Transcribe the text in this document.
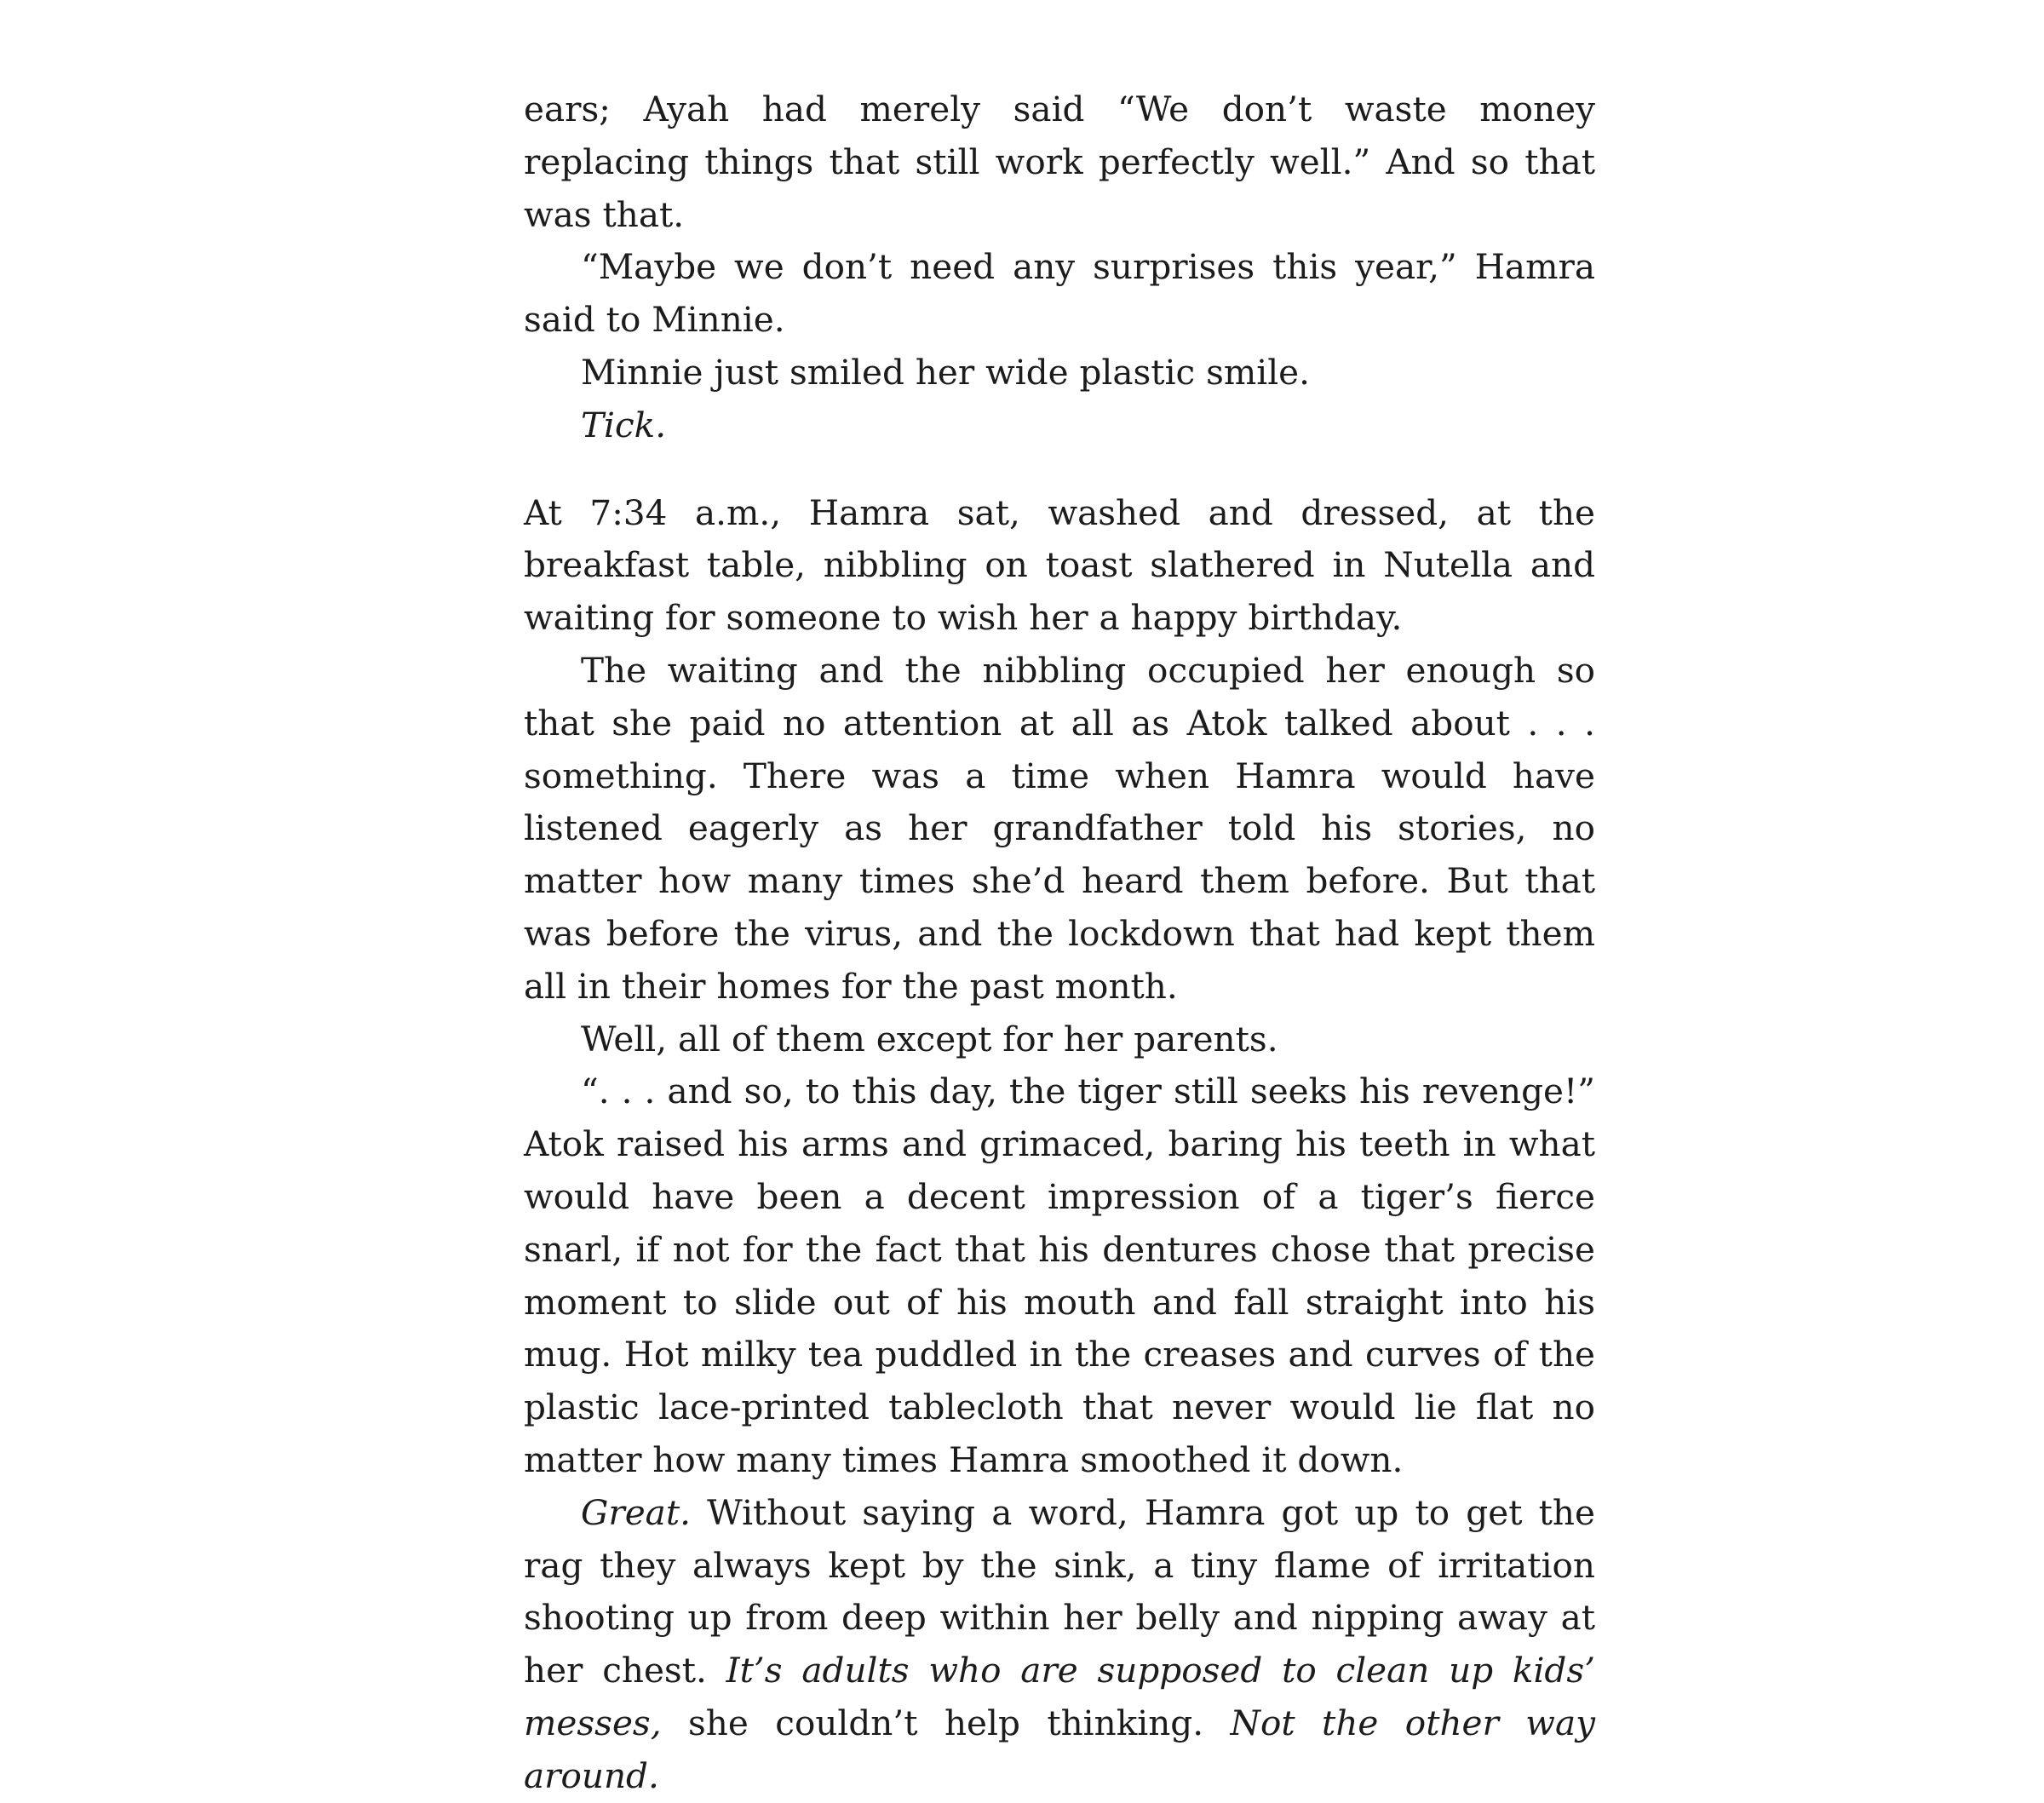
ears; Ayah had merely said “We don’t waste money replacing things that still work perfectly well.” And so that was that.

“Maybe we don’t need any surprises this year,” Hamra said to Minnie.

Minnie just smiled her wide plastic smile.

Tick.

At 7:34 a.m., Hamra sat, washed and dressed, at the breakfast table, nibbling on toast slathered in Nutella and waiting for someone to wish her a happy birthday.

The waiting and the nibbling occupied her enough so that she paid no attention at all as Atok talked about . . . something. There was a time when Hamra would have listened eagerly as her grandfather told his stories, no matter how many times she’d heard them before. But that was before the virus, and the lockdown that had kept them all in their homes for the past month.

Well, all of them except for her parents.

“. . . and so, to this day, the tiger still seeks his revenge!” Atok raised his arms and grimaced, baring his teeth in what would have been a decent impression of a tiger’s fierce snarl, if not for the fact that his dentures chose that precise moment to slide out of his mouth and fall straight into his mug. Hot milky tea puddled in the creases and curves of the plastic lace-printed tablecloth that never would lie flat no matter how many times Hamra smoothed it down.

Great. Without saying a word, Hamra got up to get the rag they always kept by the sink, a tiny flame of irritation shooting up from deep within her belly and nipping away at her chest. It’s adults who are supposed to clean up kids’ messes, she couldn’t help thinking. Not the other way around.
